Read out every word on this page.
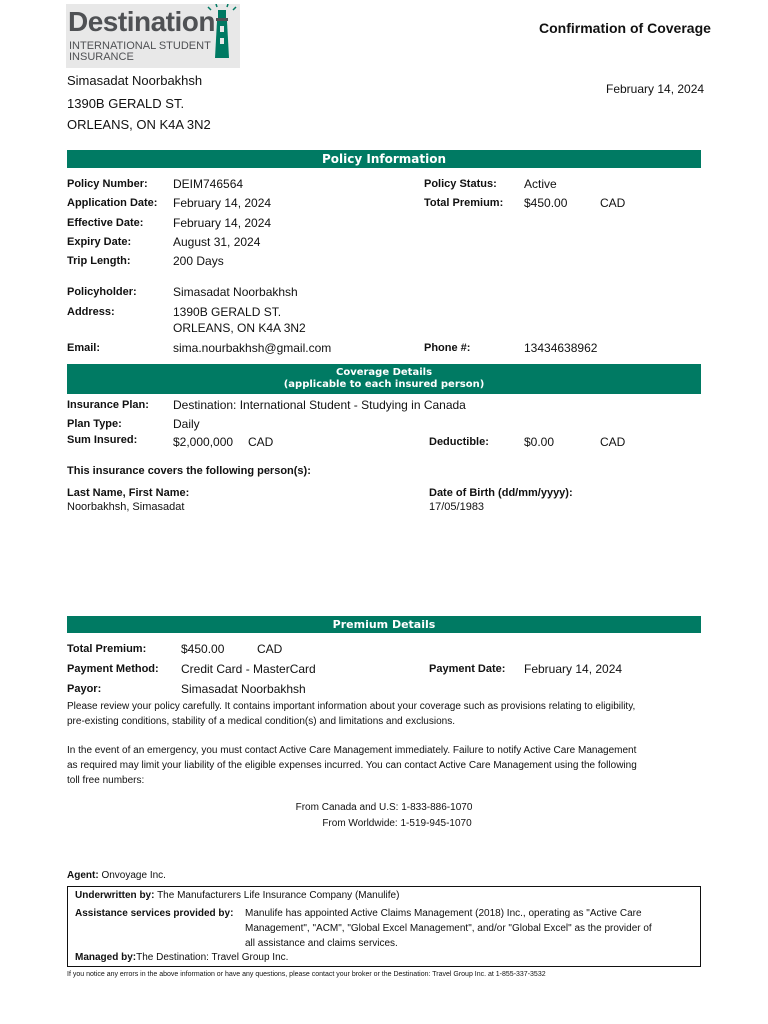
Destination
INTERNATIONAL STUDENT
INSURANCE
Confirmation of Coverage
February 14, 2024
Simasadat Noorbakhsh
1390B GERALD ST.
ORLEANS, ON K4A 3N2
Policy Information
Policy Number: DEIM746564
Application Date: February 14, 2024
Effective Date: February 14, 2024
Expiry Date:	August 31, 2024
Trip Length:	200 Days
Policy Status: Active
Total Premium: $450.00	CAD
Policyholder:	Simasadat Noorbakhsh
Address:	1390B GERALD ST.
ORLEANS, ON K4A 3N2
Email:	sima.nourbakhsh@gmail.com	Phone #:	13434638962
Coverage Details
(applicable to each insured person)
Insurance Plan: Destination: International Student - Studying in Canada
Plan Type:	Daily
Sum Insured:	$2,000,000 CAD	Deductible:	$0.00	CAD
This insurance covers the following person(s):
Last Name, First Name:	Date of Birth (dd/mm/yyyy):
Noorbakhsh, Simasadat	17/05/1983
Premium Details
Total Premium:	$450.00	CAD
Payment Method: Credit Card - MasterCard	Payment Date: February 14, 2024
Payor:	Simasadat Noorbakhsh
Please review your policy carefully. It contains important information about your coverage such as provisions relating to eligibility,
pre-existing conditions, stability of a medical condition(s) and limitations and exclusions.
In the event of an emergency, you must contact Active Care Management immediately. Failure to notify Active Care Management
as required may limit your liability of the eligible expenses incurred. You can contact Active Care Management using the following
toll free numbers:
From Canada and U.S: 1-833-886-1070
From Worldwide: 1-519-945-1070
Agent: Onvoyage Inc.
Underwritten by: The Manufacturers Life Insurance Company (Manulife)
Assistance services provided by: Manulife has appointed Active Claims Management (2018) Inc., operating as "Active Care
Management", "ACM", "Global Excel Management", and/or "Global Excel" as the provider of
all assistance and claims services.
Managed by:The Destination: Travel Group Inc.
If you notice any errors in the above information or have any questions, please contact your broker or the Destination: Travel Group Inc. at 1-855-337-3532
